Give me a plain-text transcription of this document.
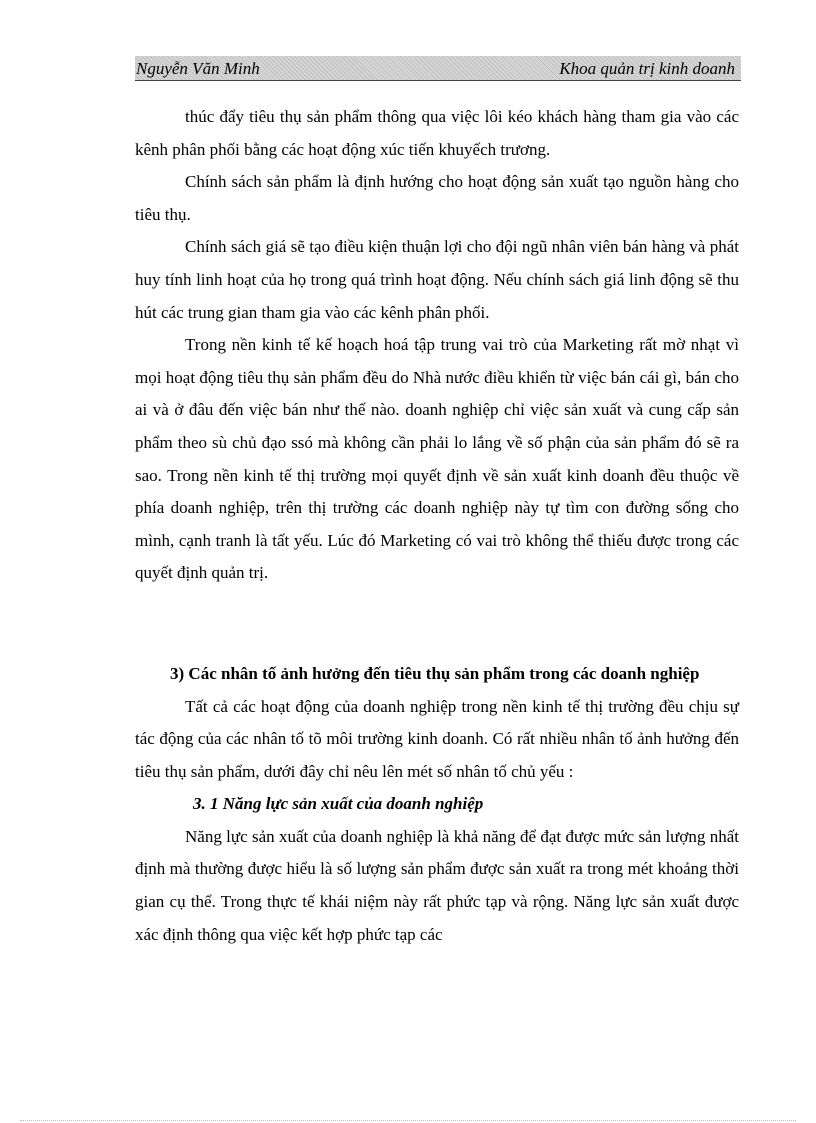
Nguyễn Văn Minh	Khoa quản trị kinh doanh

thúc đẩy tiêu thụ sản phẩm thông qua việc lôi kéo khách hàng tham gia vào các kênh phân phối bằng các hoạt động xúc tiến khuyếch trương.

Chính sách sản phẩm là định hướng cho hoạt động sản xuất tạo nguồn hàng cho tiêu thụ.

Chính sách giá sẽ tạo điều kiện thuận lợi cho đội ngũ nhân viên bán hàng và phát huy tính linh hoạt của họ trong quá trình hoạt động. Nếu chính sách giá linh động sẽ thu hút các trung gian tham gia vào các kênh phân phối.

Trong nền kinh tế kế hoạch hoá tập trung vai trò của Marketing rất mờ nhạt vì mọi hoạt động tiêu thụ sản phẩm đều do Nhà nước điều khiển từ việc bán cái gì, bán cho ai và ở đâu đến việc bán như thế nào. doanh nghiệp chỉ việc sản xuất và cung cấp sản phẩm theo sù chủ đạo ssó mà không cần phải lo lắng về số phận của sản phẩm đó sẽ ra sao. Trong nền kinh tế thị trường mọi quyết định về sản xuất kinh doanh đều thuộc về phía doanh nghiệp, trên thị trường các doanh nghiệp này tự tìm con đường sống cho mình, cạnh tranh là tất yếu. Lúc đó Marketing có vai trò không thể thiếu được trong các quyết định quản trị.

3) Các nhân tố ảnh hưởng đến tiêu thụ sản phẩm trong các doanh nghiệp

Tất cả các hoạt động của doanh nghiệp trong nền kinh tế thị trường đều chịu sự tác động của các nhân tố tõ môi trường kinh doanh. Có rất nhiều nhân tố ảnh hưởng đến tiêu thụ sản phẩm, dưới đây chỉ nêu lên mét số nhân tố chủ yếu :

3. 1 Năng lực sản xuất của doanh nghiệp

Năng lực sản xuất của doanh nghiệp là khả năng để đạt được mức sản lượng nhất định mà thường được hiểu là số lượng sản phẩm được sản xuất ra trong mét khoảng thời gian cụ thể. Trong thực tế khái niệm này rất phức tạp và rộng. Năng lực sản xuất được xác định thông qua việc kết hợp phức tạp các
